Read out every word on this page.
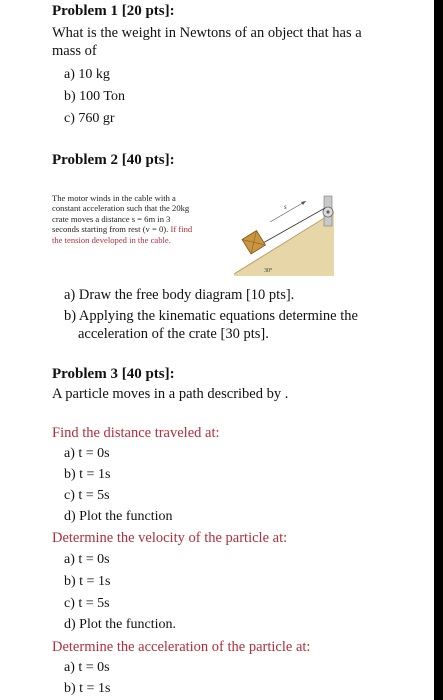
Problem 1 [20 pts]:
What is the weight in Newtons of an object that has a
mass of
a) 10 kg
b) 100 Ton
c) 760 gr
Problem 2 [40 pts]:
The motor winds in the cable with a
constant acceleration such that the 20kg
crate moves a distance s = 6m in 3
seconds starting from rest (v = 0). If find
the tension developed in the cable.
s
30°
a) Draw the free body diagram [10 pts].
b) Applying the kinematic equations determine the
acceleration of the crate [30 pts].
Problem 3 [40 pts]:
A particle moves in a path described by .
Find the distance traveled at:
a) t = 0s
b) t = 1s
c) t = 5s
d) Plot the function
Determine the velocity of the particle at:
a) t = 0s
b) t = 1s
c) t = 5s
d) Plot the function.
Determine the acceleration of the particle at:
a) t = 0s
b) t = 1s
